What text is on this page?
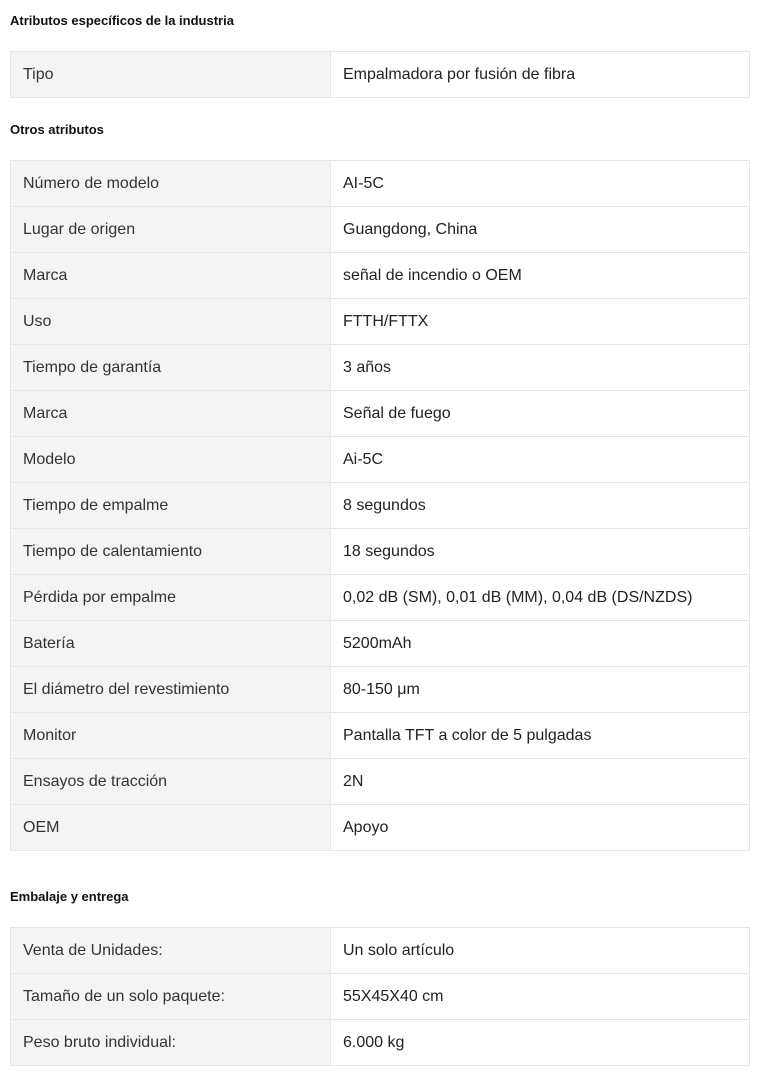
Atributos específicos de la industria
Tipo	Empalmadora por fusión de fibra
Otros atributos
Número de modelo	AI-5C
Lugar de origen	Guangdong, China
Marca	señal de incendio o OEM
Uso	FTTH/FTTX
Tiempo de garantía	3 años
Marca	Señal de fuego
Modelo	Ai-5C
Tiempo de empalme	8 segundos
Tiempo de calentamiento	18 segundos
Pérdida por empalme	0,02 dB (SM), 0,01 dB (MM), 0,04 dB (DS/NZDS)
Batería	5200mAh
El diámetro del revestimiento	80-150 μm
Monitor	Pantalla TFT a color de 5 pulgadas
Ensayos de tracción	2N
OEM	Apoyo
Embalaje y entrega
Venta de Unidades:	Un solo artículo
Tamaño de un solo paquete:	55X45X40 cm
Peso bruto individual:	6.000 kg
